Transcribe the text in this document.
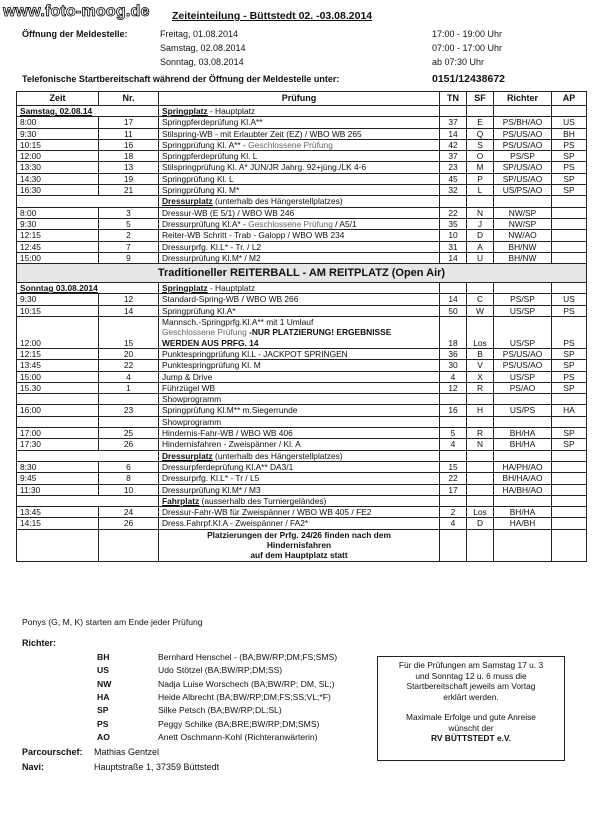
www.foto-moog.de Zeiteinteilung - Büttstedt 02. -03.08.2014
Öffnung der Meldestelle:	Freitag, 01.08.2014	17:00 - 19:00 Uhr
Samstag, 02.08.2014	07:00 - 17:00 Uhr
Sonntag, 03.08.2014	ab 07:30 Uhr
Telefonische Startbereitschaft während der Öffnung der Meldestelle unter:	0151/12438672
Zeit	Nr.	Prüfung	TN	SF	Richter	AP
Samstag, 02.08.14		Springplatz - Hauptplatz				
8:00	17	Springpferdeprüfung Kl.A**	37	E	PS/BH/AO	US
9:30	11	Stilspring-WB - mit Erlaubter Zeit (EZ) / WBO WB 265	14	Q	PS/US/AO	BH
10:15	16	Springprüfung Kl. A** - Geschlossene Prüfung	42	S	PS/US/AO	PS
12:00	18	Springpferdeprüfung Kl. L	37	O	PS/SP	SP
13:30	13	Stilspringprüfung Kl. A* JUN/JR Jahrg. 92+jüng./LK 4-6	23	M	SP/US/AO	PS
14:30	19	Springprüfung Kl. L	45	P	SP/US/AO	SP
16:30	21	Springprüfung Kl. M*	32	L	US/PS/AO	SP
		Dressurplatz (unterhalb des Hängerstellplatzes)				
8:00	3	Dressur-WB (E 5/1) / WBO WB 246	22	N	NW/SP	
9:30	5	Dressurprüfung Kl.A* - Geschlossene Prüfung / A5/1	35	J	NW/SP	
12:15	2	Reiter-WB Schritt - Trab - Galopp / WBO WB 234	10	D	NW/AO	
12:45	7	Dressurprfg. Kl.L* - Tr. / L2	31	A	BH/NW	
15:00	9	Dressurprüfung Kl.M* / M2	14	U	BH/NW	
Traditioneller REITERBALL - AM REITPLATZ (Open Air)						
Sonntag 03.08.2014		Springplatz - Hauptplatz				
9:30	12	Standard-Spring-WB / WBO WB 266	14	C	PS/SP	US
10:15	14	Springprüfung Kl.A*	50	W	US/SP	PS
12:00	15	Mannsch.-Springprfg.Kl.A** mit 1 Umlauf
Geschlossene Prüfung -NUR PLATZIERUNG! ERGEBNISSE
WERDEN AUS PRFG. 14	18	Los	US/SP	PS
12:15	20	Punktespringprüfung Kl.L - JACKPOT SPRINGEN	36	B	PS/US/AO	SP
13:45	22	Punktespringprüfung Kl. M	30	V	PS/US/AO	SP
15:00	4	Jump & Drive	4	X	US/SP	PS
15.30	1	Führzügel WB	12	R	PS/AO	SP
		Showprogramm				
16:00	23	Springprüfung Kl.M** m.Siegerrunde	16	H	US/PS	HA
		Showprogramm				
17:00	25	Hindernis-Fahr-WB / WBO WB 406	5	R	BH/HA	SP
17:30	26	Hindernisfahren - Zweispänner / Kl. A	4	N	BH/HA	SP
		Dressurplatz (unterhalb des Hängerstellplatzes)				
8:30	6	Dressurpferdeprüfung Kl.A** DA3/1	15		HA/PH/AO	
9:45	8	Dressurprfg. Kl.L* - Tr / L5	22		BH/HA/AO	
11:30	10	Dressurprüfung Kl.M* / M3	17		HA/BH/AO	
		Fahrplatz (ausserhalb des Turniergeländes)				
13:45	24	Dressur-Fahr-WB für Zweispänner / WBO WB 405 / FE2	2	Los	BH/HA	
14:15	26	Dress.Fahrpf.Kl.A - Zweispänner / FA2*	4	D	HA/BH	

		Platzierungen der Prfg. 24/26 finden nach dem
Hindernisfahren
auf dem Hauptplatz statt				

Ponys (G, M, K) starten am Ende jeder Prüfung
Richter:
BH	Bernhard Henschel - (BA;BW/RP;DM;FS;SMS)
US	Udo Stötzel (BA;BW/RP;DM;SS)
NW	Nadja Luise Worschech (BA;BW/RP; DM, SL;)
HA	Heide Albrecht (BA;BW/RP;DM;FS;SS;VL;*F)
SP	Silke Petsch (BA;BW/RP;DL;SL)
PS	Peggy Schilke (BA;BRE;BW/RP;DM;SMS)
AO	Anett Oschmann-Kohl (Richteranwärterin)
Für die Prüfungen am Samstag 17 u. 3
und Sonntag 12 u. 6 muss die
Startbereitschaft jeweils am Vortag
erklärt werden.
Maximale Erfolge und gute Anreise
wünscht der
RV BÜTTSTEDT e.V.
Parcourschef: Mathias Gentzel
Navi:	Hauptstraße 1, 37359 Büttstedt
